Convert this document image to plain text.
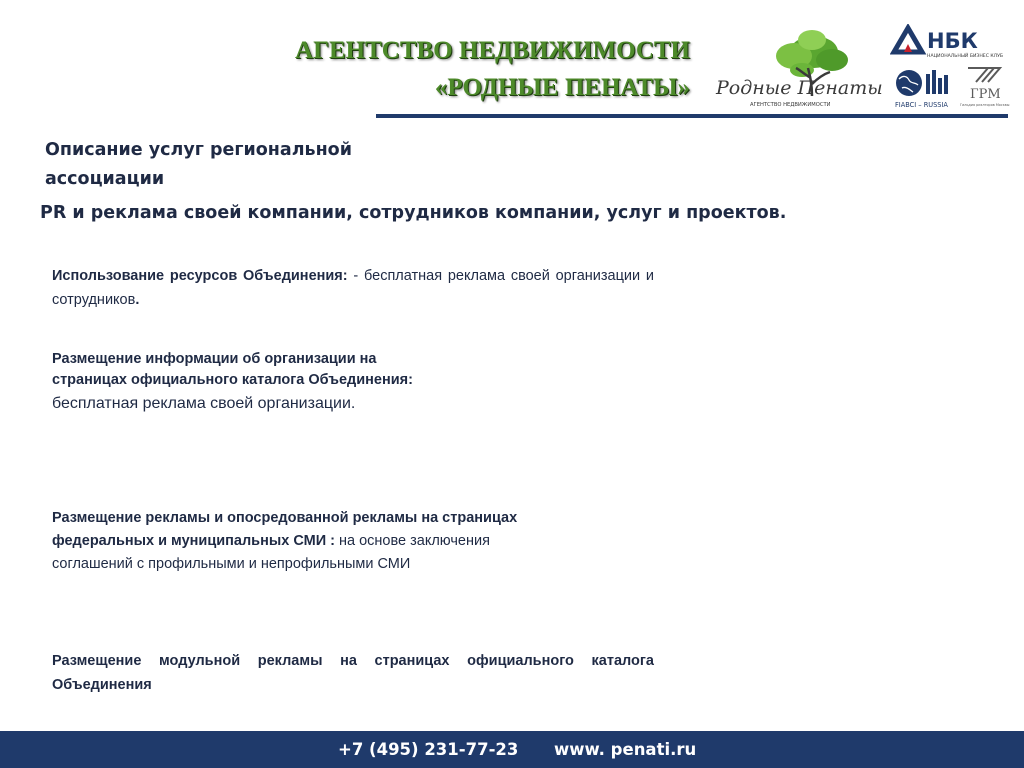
АГЕНТСТВО НЕДВИЖИМОСТИ
«РОДНЫЕ ПЕНАТЫ» Родные Пенаты
АГЕНТСТВО НЕДВИЖИМОСТИ
НБК
НАЦИОНАЛЬНЫЙ БИЗНЕС КЛУБ
FIABCI – RUSSIA
ГРМ
Гильдия риэлторов Москвы
Описание услуг региональной
ассоциации
PR и реклама своей компании, сотрудников компании, услуг и проектов.
Использование ресурсов Объединения: - бесплатная реклама своей организации и сотрудников.
Размещение информации об организации на
страницах официального каталога Объединения:
бесплатная реклама своей организации.
Размещение рекламы и опосредованной рекламы на страницах
федеральных и муниципальных СМИ : на основе заключения
соглашений с профильными и непрофильными СМИ
Размещение модульной рекламы на страницах официального каталога Объединения
+7 (495) 231-77-23 www. penati.ru
